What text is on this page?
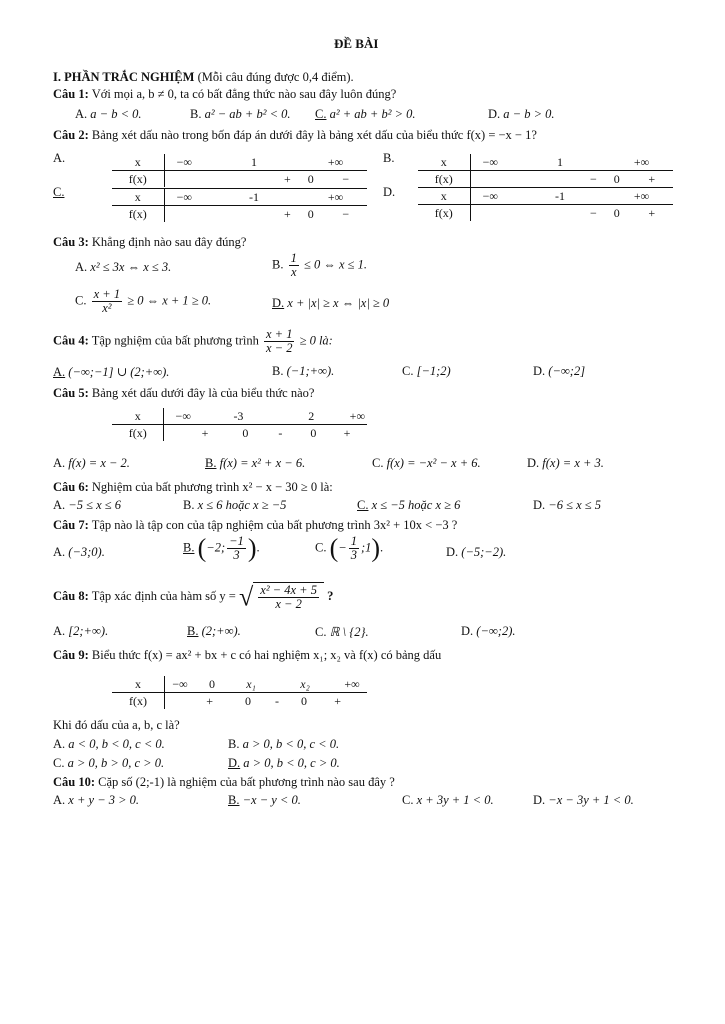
ĐỀ BÀI
I. PHẦN TRẮC NGHIỆM (Mỗi câu đúng được 0,4 điểm).
Câu 1: Với mọi a, b ≠ 0, ta có bất đẳng thức nào sau đây luôn đúng?
A. a − b < 0.	B. a² − ab + b² < 0. C. a² + ab + b² > 0.	D. a − b > 0.
Câu 2: Bảng xét dấu nào trong bốn đáp án dưới đây là bảng xét dấu của biểu thức f(x) = −x − 1?
A.	B.
C.	D.
x	−∞	1	+∞
f(x)	+ 0 −		
x	−∞	-1	+∞
f(x)	+ 0 −		
x	−∞	1	+∞
f(x)	− 0 +		
x	−∞	-1	+∞
f(x)	− 0 +		
Câu 3: Khẳng định nào sau đây đúng?
A. x² ≤ 3x ⇔ x ≤ 3.	B. $\frac{1}{x} \le 0$ ⇔ x ≤ 1.
C. $\frac{x + 1}{\text{x²}} \ge 0$ ⇔ x + 1 ≥ 0.	D. x + |x| ≥ x ⇔ |x| ≥ 0
Câu 4: Tập nghiệm của bất phương trình $\frac{x + 1}{x - 2} \ge 0$ là:
A. (−∞;−1] ∪ (2;+∞).	B. (−1;+∞).	C. [−1;2)	D. (−∞;2]
Câu 5: Bảng xét dấu dưới đây là của biểu thức nào?
x	−∞	-3	2	+∞
f(x)	+ 0 - 0 +			
A. f(x) = x − 2.	B. f(x) = x² + x − 6.	C. f(x) = −x² − x + 6.	D. f(x) = x + 3.
Câu 6: Nghiệm của bất phương trình x² − x − 30 ≥ 0 là:
A. −5 ≤ x ≤ 6	B. x ≤ 6 hoặc x ≥ −5	C. x ≤ −5 hoặc x ≥ 6	D. −6 ≤ x ≤ 5
Câu 7: Tập nào là tập con của tập nghiệm của bất phương trình 3x² + 10x < −3 ?
A. (−3;0).	B. (−2; $\frac{-1}{3}$ ).	C. (− $\frac{1}{3}$ ;1).	D. (−5;−2).
Câu 8: Tập xác định của hàm số y = √ $\frac{\text{x² − 4x + 5}}{x - 2}$ ?
A. [2;+∞).	B. (2;+∞).	C. ℝ \ {2}.	D. (−∞;2).
Câu 9: Biểu thức f(x) = ax² + bx + c có hai nghiệm x₁; x₂ và f(x) có bảng dấu
x	−∞	0	x₁	x₂	+∞
f(x)	+ 0 - 0 +				
Khi đó dấu của a, b, c là?
A. a < 0, b < 0, c < 0.	B. a > 0, b < 0, c < 0.
C. a > 0, b > 0, c > 0.	D. a > 0, b < 0, c > 0.
Câu 10: Cặp số (2;-1) là nghiệm của bất phương trình nào sau đây ?
A. x + y − 3 > 0.	B. −x − y < 0.	C. x + 3y + 1 < 0.	D. −x − 3y + 1 < 0.
